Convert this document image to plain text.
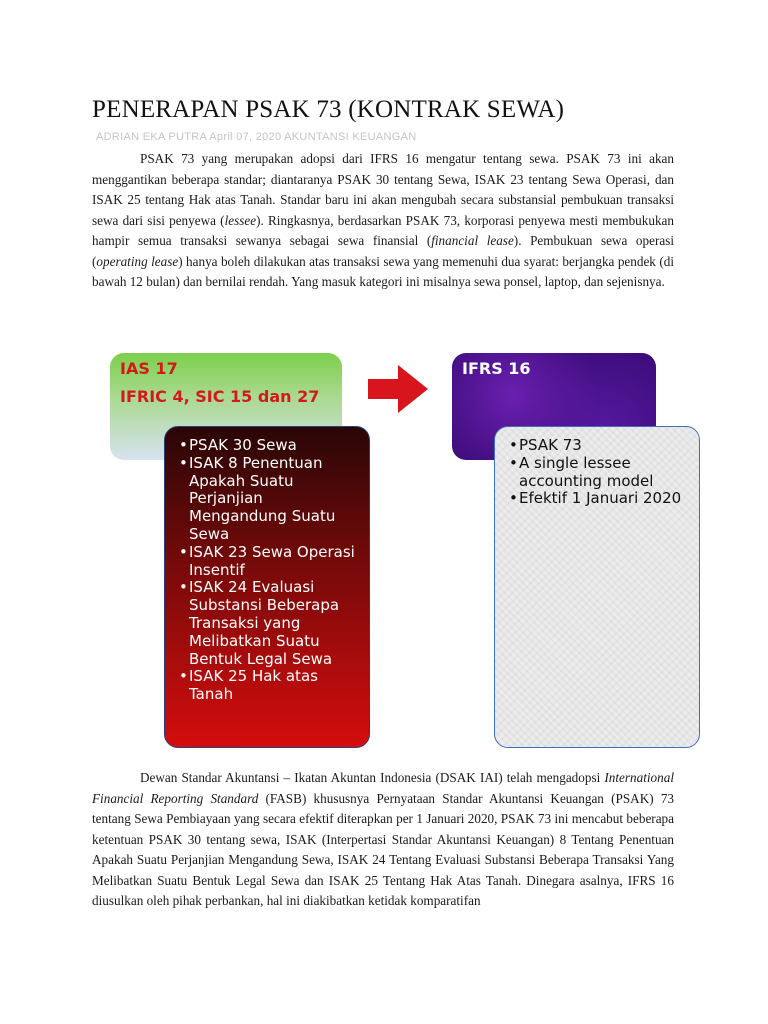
PENERAPAN PSAK 73 (KONTRAK SEWA)
ADRIAN EKA PUTRA April 07, 2020 AKUNTANSI KEUANGAN

PSAK 73 yang merupakan adopsi dari IFRS 16 mengatur tentang sewa. PSAK 73 ini akan menggantikan beberapa standar; diantaranya PSAK 30 tentang Sewa, ISAK 23 tentang Sewa Operasi, dan ISAK 25 tentang Hak atas Tanah. Standar baru ini akan mengubah secara substansial pembukuan transaksi sewa dari sisi penyewa (lessee). Ringkasnya, berdasarkan PSAK 73, korporasi penyewa mesti membukukan hampir semua transaksi sewanya sebagai sewa finansial (financial lease). Pembukuan sewa operasi (operating lease) hanya boleh dilakukan atas transaksi sewa yang memenuhi dua syarat: berjangka pendek (di bawah 12 bulan) dan bernilai rendah. Yang masuk kategori ini misalnya sewa ponsel, laptop, dan sejenisnya.

IAS 17
IFRIC 4, SIC 15 dan 27
IFRS 16
•PSAK 30 Sewa
•ISAK 8 Penentuan Apakah Suatu Perjanjian Mengandung Suatu Sewa
•ISAK 23 Sewa Operasi Insentif
•ISAK 24 Evaluasi Substansi Beberapa Transaksi yang Melibatkan Suatu Bentuk Legal Sewa
•ISAK 25 Hak atas Tanah
•PSAK 73
•A single lessee accounting model
•Efektif 1 Januari 2020

Dewan Standar Akuntansi – Ikatan Akuntan Indonesia (DSAK IAI) telah mengadopsi International Financial Reporting Standard (FASB) khususnya Pernyataan Standar Akuntansi Keuangan (PSAK) 73 tentang Sewa Pembiayaan yang secara efektif diterapkan per 1 Januari 2020, PSAK 73 ini mencabut beberapa ketentuan PSAK 30 tentang sewa, ISAK (Interpertasi Standar Akuntansi Keuangan) 8 Tentang Penentuan Apakah Suatu Perjanjian Mengandung Sewa, ISAK 24 Tentang Evaluasi Substansi Beberapa Transaksi Yang Melibatkan Suatu Bentuk Legal Sewa dan ISAK 25 Tentang Hak Atas Tanah. Dinegara asalnya, IFRS 16 diusulkan oleh pihak perbankan, hal ini diakibatkan ketidak komparatifan
